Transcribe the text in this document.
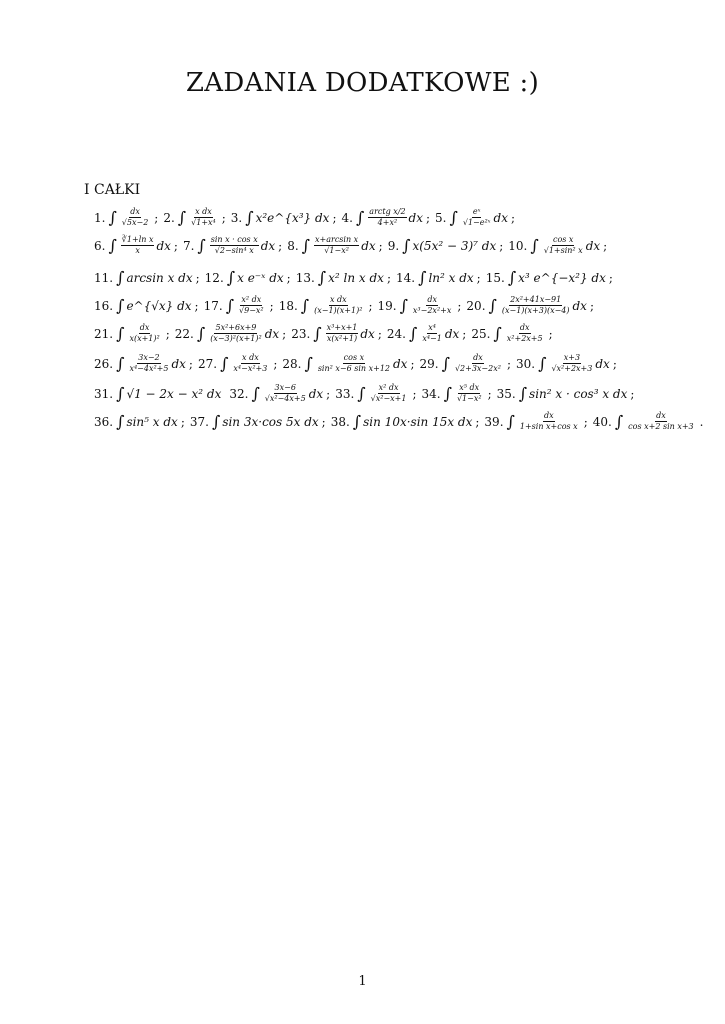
ZADANIA DODATKOWE :)
I CAŁKI
1. ∫ $\frac{dx}{√5x-2}$ ; 2. ∫ $\frac{\text{x dx}}{\text{√1+x⁴}}$ ; 3. ∫ x²e^{x³} dx ; 4. ∫ $\frac{\text{arctg x/2}}{\text{4+x²}}$ dx ; 5. ∫ $\frac{\text{eˣ}}{\text{√1−e²ˣ}}$ dx ;
6. ∫ $\frac{\text{∛1+ln x}}{x}$ dx ; 7. ∫ $\frac{\text{sin x · cos x}}{\text{√2−sin⁴ x}}$ dx ; 8. ∫ $\frac{\text{x+arcsin x}}{\text{√1−x²}}$ dx ; 9. ∫ x(5x² − 3)⁷ dx ; 10. ∫ $\frac{\text{cos x}}{\text{√1+sin² x}}$ dx ;
11. ∫ arcsin x dx ; 12. ∫ x e⁻ˣ dx ; 13. ∫ x² ln x dx ; 14. ∫ ln² x dx ; 15. ∫ x³ e^{−x²} dx ;
16. ∫ e^{√x} dx ; 17. ∫ $\frac{\text{x² dx}}{\text{√9−x²}}$ ; 18. ∫ $\frac{\text{x dx}}{\text{(x−1)(x+1)²}}$ ; 19. ∫ $\frac{dx}{\text{x³−2x²+x}}$ ; 20. ∫ $\frac{\text{2x²+41x−91}}{(x-1)(x+3)(x-4)}$ dx ;
21. ∫ $\frac{dx}{\text{x(x+1)²}}$ ; 22. ∫ $\frac{\text{5x²+6x+9}}{\text{(x−3)²(x+1)²}}$ dx ; 23. ∫ $\frac{\text{x³+x+1}}{\text{x(x²+1)}}$ dx ; 24. ∫ $\frac{\text{x⁴}}{\text{x⁴−1}}$ dx ; 25. ∫ $\frac{dx}{\text{x²+2x+5}}$ ;
26. ∫ $\frac{3x-2}{\text{x⁴−4x²+5}}$ dx ; 27. ∫ $\frac{\text{x dx}}{\text{x⁴−x²+3}}$ ; 28. ∫ $\frac{\text{cos x}}{\text{sin² x−6 sin x+12}}$ dx ; 29. ∫ $\frac{dx}{\text{√2+3x−2x²}}$ ; 30. ∫ $\frac{x+3}{\text{√x²+2x+3}}$ dx ;
31. ∫ √1 − 2x − x² dx 32. ∫ $\frac{3x-6}{\text{√x²−4x+5}}$ dx ; 33. ∫ $\frac{\text{x² dx}}{\text{√x²−x+1}}$ ; 34. ∫ $\frac{\text{x⁵ dx}}{\text{√1−x²}}$ ; 35. ∫ sin² x · cos³ x dx ;
36. ∫ sin⁵ x dx ; 37. ∫ sin 3x·cos 5x dx ; 38. ∫ sin 10x·sin 15x dx ; 39. ∫ $\frac{dx}{\text{1+sin x+cos x}}$ ; 40. ∫ $\frac{dx}{\text{cos x+2 sin x+3}}$ .
1
